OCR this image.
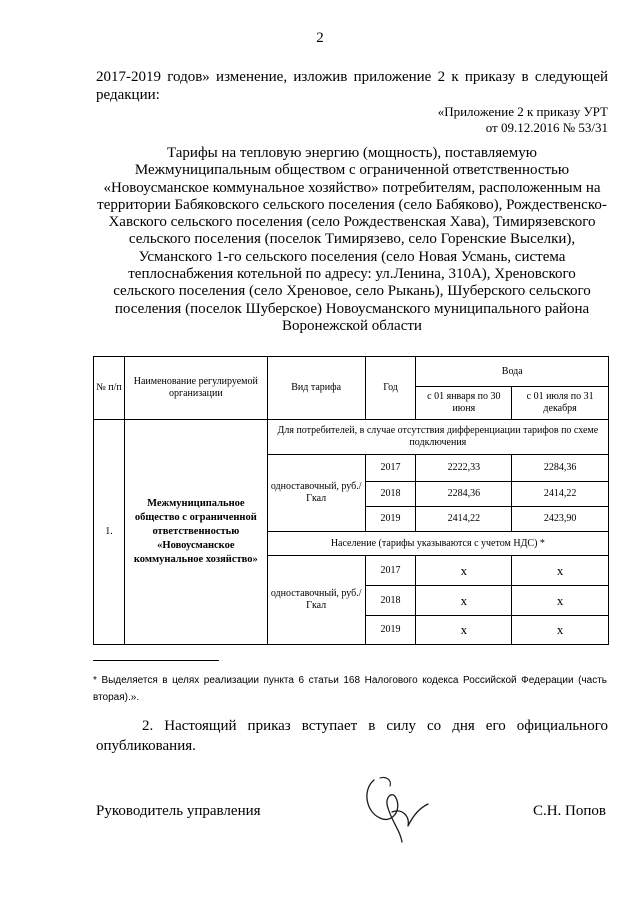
2
2017-2019 годов» изменение, изложив приложение 2 к приказу в следующей
редакции:
«Приложение 2 к приказу УРТ
от 09.12.2016 № 53/31
Тарифы на тепловую энергию (мощность), поставляемую
Межмуниципальным обществом с ограниченной ответственностью
«Новоусманское коммунальное хозяйство» потребителям, расположенным на
территории Бабяковского сельского поселения (село Бабяково), Рождественско-
Хавского сельского поселения (село Рождественская Хава), Тимирязевского
сельского поселения (поселок Тимирязево, село Горенские Выселки),
Усманского 1-го сельского поселения (село Новая Усмань, система
теплоснабжения котельной по адресу: ул.Ленина, 310А), Хреновского
сельского поселения (село Хреновое, село Рыкань), Шуберского сельского
поселения (поселок Шуберское) Новоусманского муниципального района
Воронежской области
№ п/п	Наименование регулируемой организации	Вид тарифа	Год	Вода	
				с 01 января по 30 июня	с 01 июля по 31 декабря
1.	Межмуниципальное общество с ограниченной ответственностью «Новоусманское коммунальное хозяйство»	Для потребителей, в случае отсутствия дифференциации тарифов по схеме подключения			
		одноставочный, руб./Гкал	2017	2222,33	2284,36
			2018	2284,36	2414,22
			2019	2414,22	2423,90
		Население (тарифы указываются с учетом НДС) *			
		одноставочный, руб./Гкал	2017	х	х
			2018	х	х
			2019	х	х
* Выделяется в целях реализации пункта 6 статьи 168 Налогового кодекса Российской Федерации (часть
вторая).».
2. Настоящий приказ вступает в силу со дня его официального
опубликования.
Руководитель управления	С.Н. Попов
